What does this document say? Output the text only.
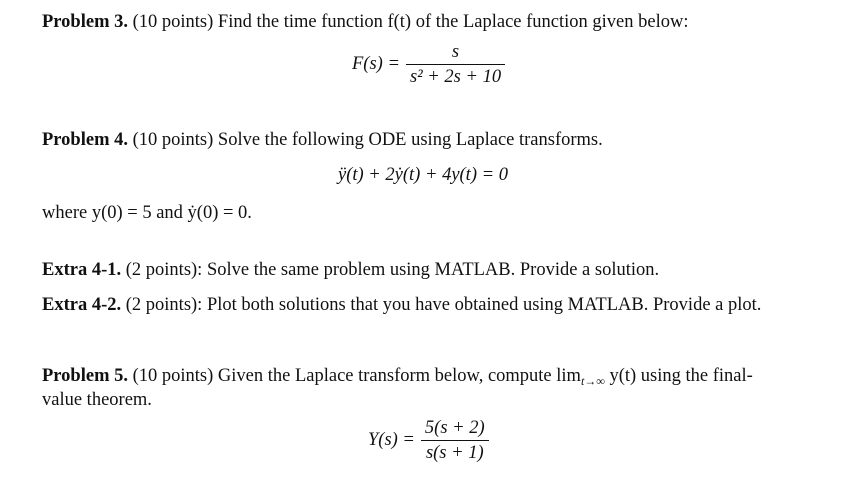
Problem 3. (10 points) Find the time function f(t) of the Laplace function given below:
$F(s) = \frac{s}{\text{s² + 2s + 10}}$
Problem 4. (10 points) Solve the following ODE using Laplace transforms.
ÿ(t) + 2ẏ(t) + 4y(t) = 0
where y(0) = 5 and ẏ(0) = 0.
Extra 4-1. (2 points): Solve the same problem using MATLAB. Provide a solution.
Extra 4-2. (2 points): Plot both solutions that you have obtained using MATLAB. Provide a plot.
Problem 5. (10 points) Given the Laplace transform below, compute $\lim_{t\to\infty} y(t)$ using the final-
value theorem.
$Y(s) = \frac{5(s + 2)}{s(s + 1)}$
